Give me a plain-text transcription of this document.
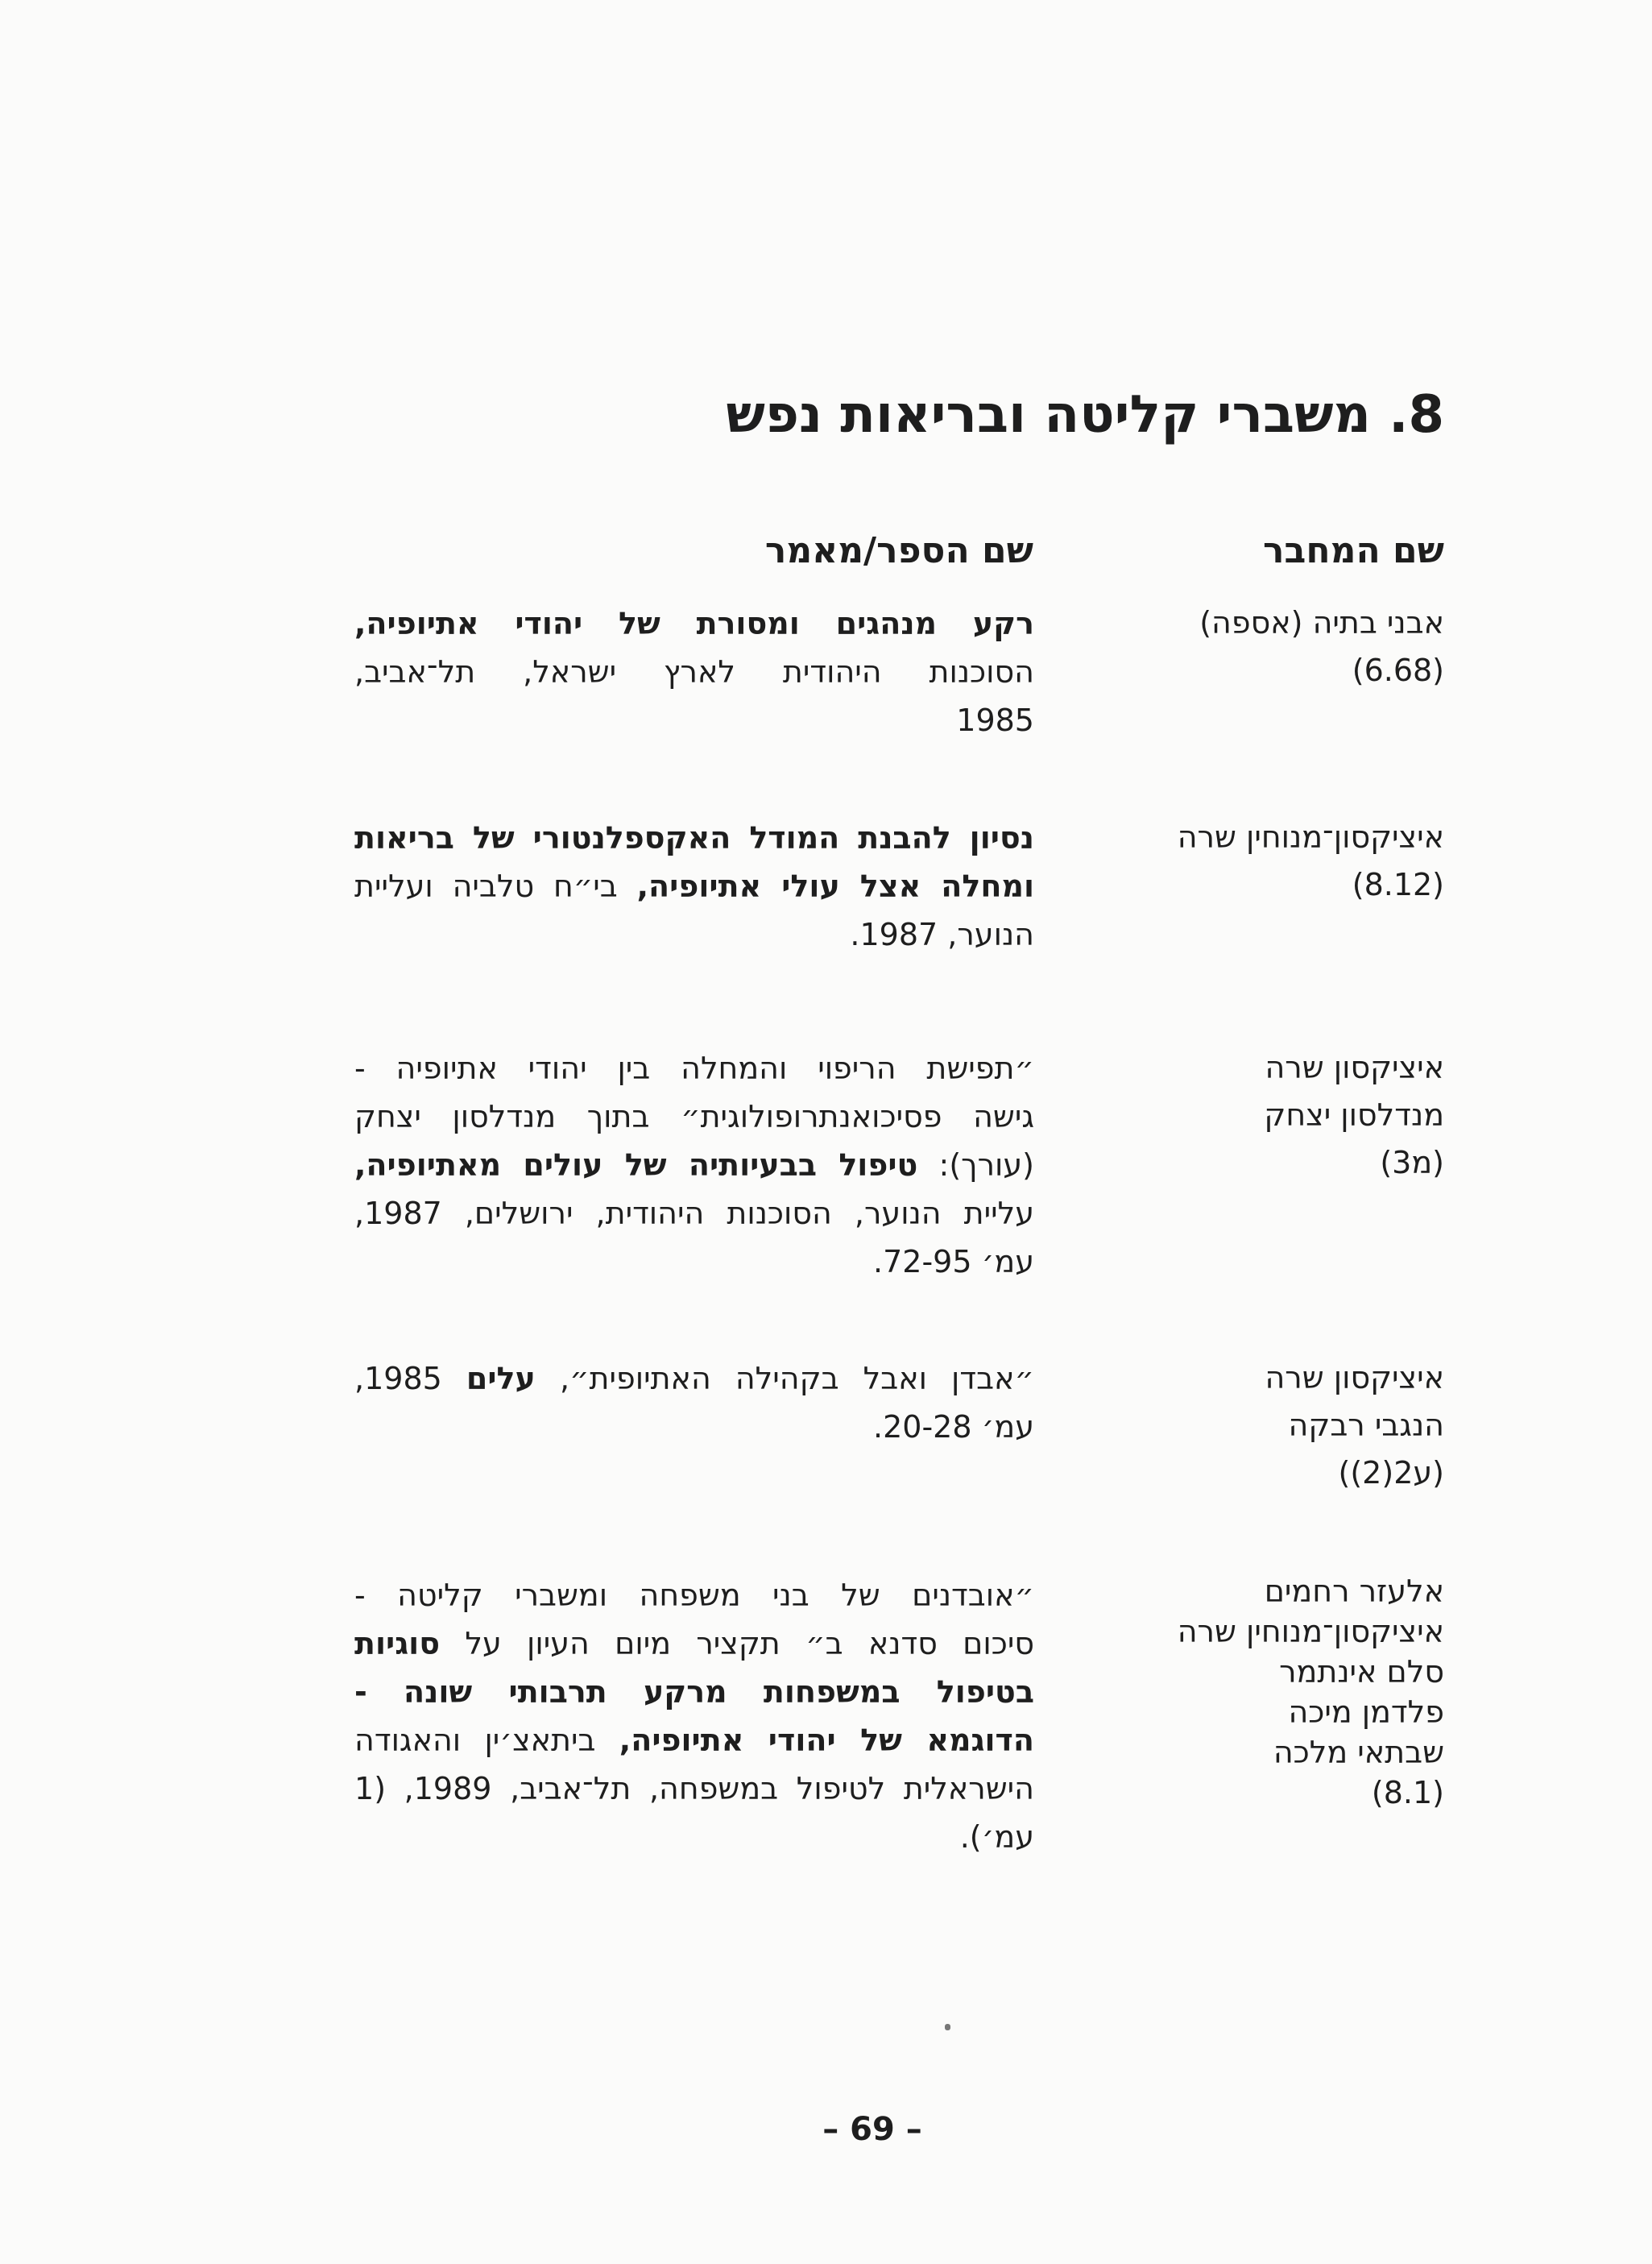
8. משברי קליטה ובריאות נפש
שם המחבר
שם הספר/מאמר
אבני בתיה (אספה)
(6.68)
רקע מנהגים ומסורת של יהודי אתיופיה,
הסוכנות היהודית לארץ ישראל, תל־אביב,
1985
איציקסון־מנוחין שרה
(8.12)
נסיון להבנת המודל האקספלנטורי של בריאות
ומחלה אצל עולי אתיופיה, בי״ח טלביה ועליית
הנוער, 1987.
איציקסון שרה
מנדלסון יצחק
(מ3)
״תפישת הריפוי והמחלה בין יהודי אתיופיה -
גישה פסיכואנתרופולוגית״ בתוך מנדלסון יצחק
(עורך): טיפול בבעיותיה של עולים מאתיופיה,
עליית הנוער, הסוכנות היהודית, ירושלים, 1987,
עמ׳ 72-95.
איציקסון שרה
הנגבי רבקה
(ע2(2))
״אבדן ואבל בקהילה האתיופית״, עלים 1985,
עמ׳ 20-28.
אלעזר רחמים
איציקסון־מנוחין שרה
סלם אינתמר
פלדמן מיכה
שבתאי מלכה
(8.1)
״אובדנים של בני משפחה ומשברי קליטה -
סיכום סדנא ב״ תקציר מיום העיון על סוגיות
בטיפול במשפחות מרקע תרבותי שונה -
הדוגמא של יהודי אתיופיה, ביתאצ׳ין והאגודה
הישראלית לטיפול במשפחה, תל־אביב, 1989, (1
עמ׳).
– 69 –
